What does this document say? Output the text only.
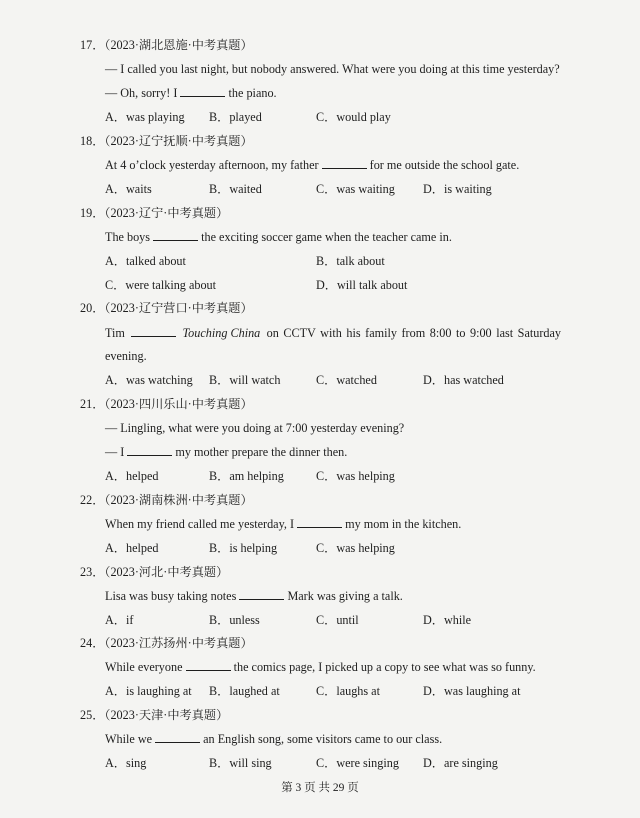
17．（2023·湖北恩施·中考真题）
— I called you last night, but nobody answered. What were you doing at this time yesterday?
— Oh, sorry! I	the piano.
A．was playing B．played	C．would play
18．（2023·辽宁抚顺·中考真题）
At 4 o’clock yesterday afternoon, my father	for me outside the school gate.
A．waits	B．waited	C．was waiting D．is waiting
19．（2023·辽宁·中考真题）
The boys	the exciting soccer game when the teacher came in.
A．talked about	B．talk about
C．were talking about	D．will talk about
20．（2023·辽宁营口·中考真题）
Tim	Touching China on CCTV with his family from 8:00 to 9:00 last Saturday
evening.
A．was watching B．will watch	C．watched	D．has watched
21．（2023·四川乐山·中考真题）
— Lingling, what were you doing at 7:00 yesterday evening?
— I	my mother prepare the dinner then.
A．helped	B．am helping	C．was helping
22．（2023·湖南株洲·中考真题）
When my friend called me yesterday, I	my mom in the kitchen.
A．helped	B．is helping	C．was helping
23．（2023·河北·中考真题）
Lisa was busy taking notes	Mark was giving a talk.
A．if	B．unless	C．until	D．while
24．（2023·江苏扬州·中考真题）
While everyone	the comics page, I picked up a copy to see what was so funny.
A．is laughing at B．laughed at	C．laughs at	D．was laughing at
25．（2023·天津·中考真题）
While we	an English song, some visitors came to our class.
A．sing	B．will sing	C．were singing D．are singing
第 3 页 共 29 页
